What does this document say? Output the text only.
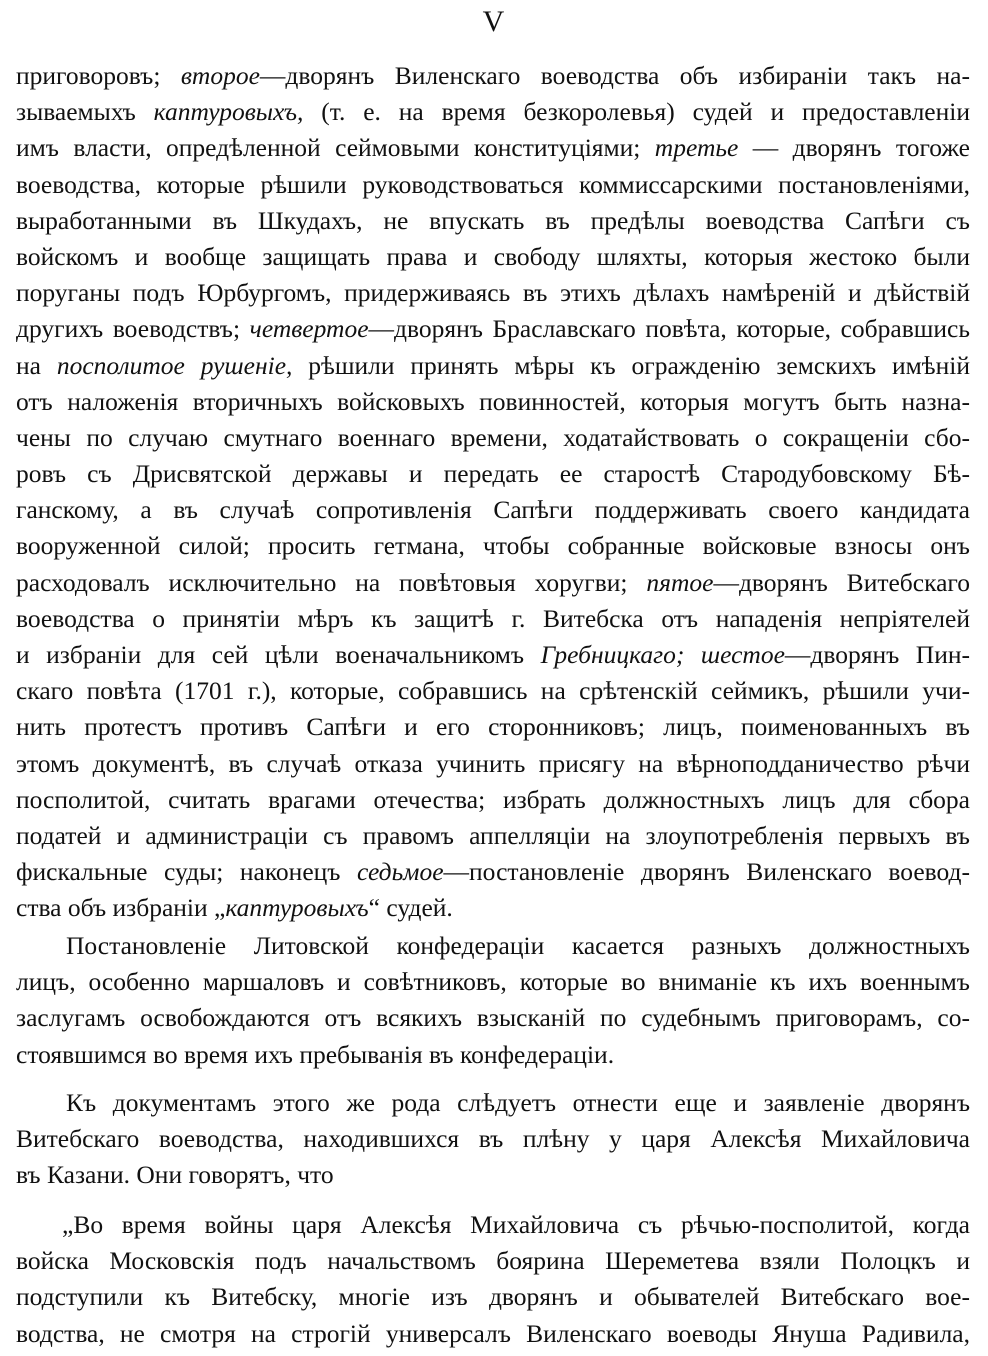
V
приговоровъ; второе—дворянъ Виленскаго воеводства объ избираніи такъ на-
зываемыхъ каптуровыхъ, (т. е. на время безкоролевья) судей и предоставленіи
имъ власти, опредѣленной сеймовыми конституціями; третье — дворянъ тогоже
воеводства, которые рѣшили руководствоваться коммиссарскими постановленіями,
выработанными въ Шкудахъ, не впускать въ предѣлы воеводства Сапѣги съ
войскомъ и вообще защищать права и свободу шляхты, которыя жестоко были
поруганы подъ Юрбургомъ, придерживаясь въ этихъ дѣлахъ намѣреній и дѣйствій
другихъ воеводствъ; четвертое—дворянъ Браславскаго повѣта, которые, собравшись
на посполитое рушеніе, рѣшили принять мѣры къ огражденію земскихъ имѣній
отъ наложенія вторичныхъ войсковыхъ повинностей, которыя могутъ быть назна-
чены по случаю смутнаго военнаго времени, ходатайствовать о сокращеніи сбо-
ровъ съ Дрисвятской державы и передать ее старостѣ Стародубовскому Бѣ-
ганскому, а въ случаѣ сопротивленія Сапѣги поддерживать своего кандидата
вооруженной силой; просить гетмана, чтобы собранные войсковые взносы онъ
расходовалъ исключительно на повѣтовыя хоругви; пятое—дворянъ Витебскаго
воеводства о принятіи мѣръ къ защитѣ г. Витебска отъ нападенія непріятелей
и избраніи для сей цѣли военачальникомъ Гребницкаго; шестое—дворянъ Пин-
скаго повѣта (1701 г.), которые, собравшись на срѣтенскій сеймикъ, рѣшили учи-
нить протестъ противъ Сапѣги и его сторонниковъ; лицъ, поименованныхъ въ
этомъ документѣ, въ случаѣ отказа учинить присягу на вѣрноподданичество рѣчи
посполитой, считать врагами отечества; избрать должностныхъ лицъ для сбора
податей и администраціи съ правомъ аппелляціи на злоупотребленія первыхъ въ
фискальные суды; наконецъ седьмое—постановленіе дворянъ Виленскаго воевод-
ства объ избраніи „каптуровыхъ“ судей.
Постановленіе Литовской конфедераціи касается разныхъ должностныхъ
лицъ, особенно маршаловъ и совѣтниковъ, которые во вниманіе къ ихъ военнымъ
заслугамъ освобождаются отъ всякихъ взысканій по судебнымъ приговорамъ, со-
стоявшимся во время ихъ пребыванія въ конфедераціи.
Къ документамъ этого же рода слѣдуетъ отнести еще и заявленіе дворянъ
Витебскаго воеводства, находившихся въ плѣну у царя Алексѣя Михайловича
въ Казани. Они говорятъ, что
„Во время войны царя Алексѣя Михайловича съ рѣчью-посполитой, когда
войска Московскія подъ начальствомъ боярина Шереметева взяли Полоцкъ и
подступили къ Витебску, многіе изъ дворянъ и обывателей Витебскаго вое-
водства, не смотря на строгій универсалъ Виленскаго воеводы Януша Радивила,
